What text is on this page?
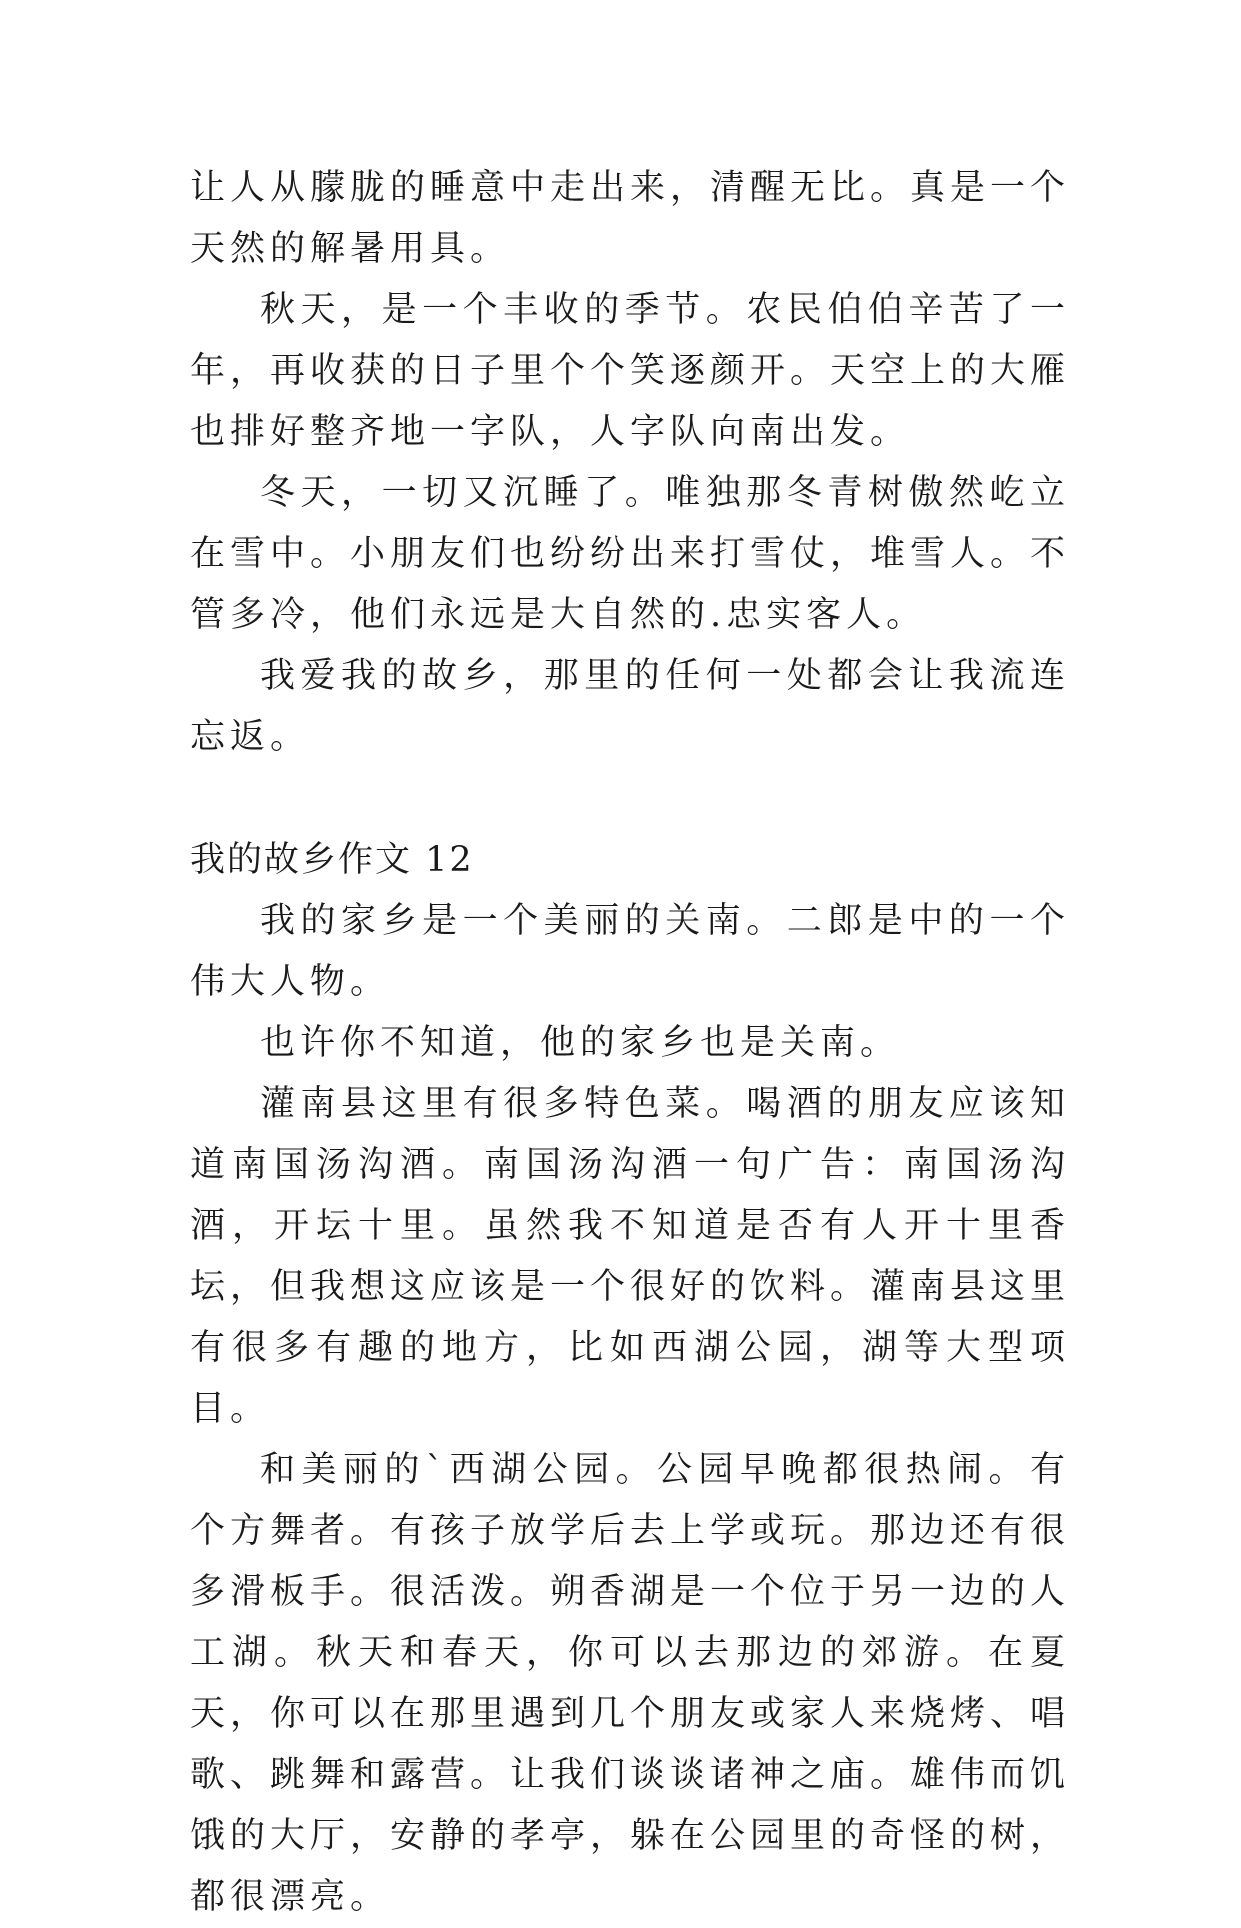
让人从朦胧的睡意中走出来，清醒无比。真是一个天然的解暑用具。

秋天，是一个丰收的季节。农民伯伯辛苦了一年，再收获的日子里个个笑逐颜开。天空上的大雁也排好整齐地一字队，人字队向南出发。

冬天，一切又沉睡了。唯独那冬青树傲然屹立在雪中。小朋友们也纷纷出来打雪仗，堆雪人。不管多冷，他们永远是大自然的.忠实客人。

我爱我的故乡，那里的任何一处都会让我流连忘返。

我的故乡作文 12

我的家乡是一个美丽的关南。二郎是中的一个伟大人物。

也许你不知道，他的家乡也是关南。

灌南县这里有很多特色菜。喝酒的朋友应该知道南国汤沟酒。南国汤沟酒一句广告：南国汤沟酒，开坛十里。虽然我不知道是否有人开十里香坛，但我想这应该是一个很好的饮料。灌南县这里有很多有趣的地方，比如西湖公园，湖等大型项目。

和美丽的`西湖公园。公园早晚都很热闹。有个方舞者。有孩子放学后去上学或玩。那边还有很多滑板手。很活泼。朔香湖是一个位于另一边的人工湖。秋天和春天，你可以去那边的郊游。在夏天，你可以在那里遇到几个朋友或家人来烧烤、唱歌、跳舞和露营。让我们谈谈诸神之庙。雄伟而饥饿的大厅，安静的孝亭，躲在公园里的奇怪的树，都很漂亮。
